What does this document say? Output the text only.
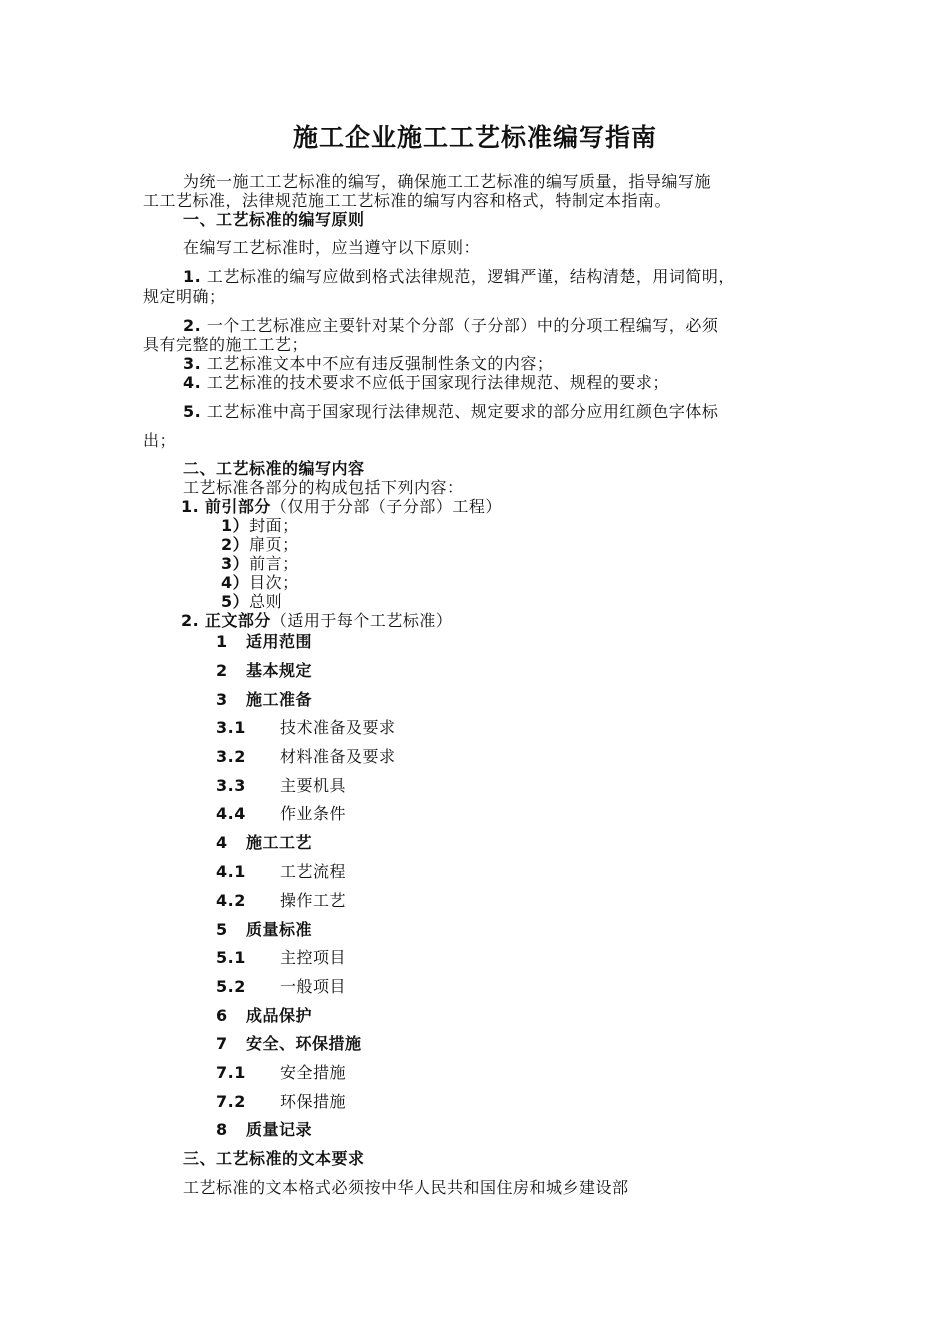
施工企业施工工艺标准编写指南

为统一施工工艺标准的编写，确保施工工艺标准的编写质量，指导编写施

工工艺标准，法律规范施工工艺标准的编写内容和格式，特制定本指南。

一、工艺标准的编写原则

在编写工艺标准时，应当遵守以下原则：

1. 工艺标准的编写应做到格式法律规范，逻辑严谨，结构清楚，用词简明，

规定明确；

2. 一个工艺标准应主要针对某个分部（子分部）中的分项工程编写，必须

具有完整的施工工艺；

3. 工艺标准文本中不应有违反强制性条文的内容；

4. 工艺标准的技术要求不应低于国家现行法律规范、规程的要求；

5. 工艺标准中高于国家现行法律规范、规定要求的部分应用红颜色字体标

出；

二、工艺标准的编写内容

工艺标准各部分的构成包括下列内容：

1. 前引部分（仅用于分部（子分部）工程）

1）封面；

2）扉页；

3）前言；

4）目次；

5）总则

2. 正文部分（适用于每个工艺标准）

1 适用范围

2 基本规定

3 施工准备

3.1 技术准备及要求

3.2 材料准备及要求

3.3 主要机具

4.4 作业条件

4 施工工艺

4.1 工艺流程

4.2 操作工艺

5 质量标准

5.1 主控项目

5.2 一般项目

6 成品保护

7 安全、环保措施

7.1 安全措施

7.2 环保措施

8 质量记录

三、工艺标准的文本要求

工艺标准的文本格式必须按中华人民共和国住房和城乡建设部
